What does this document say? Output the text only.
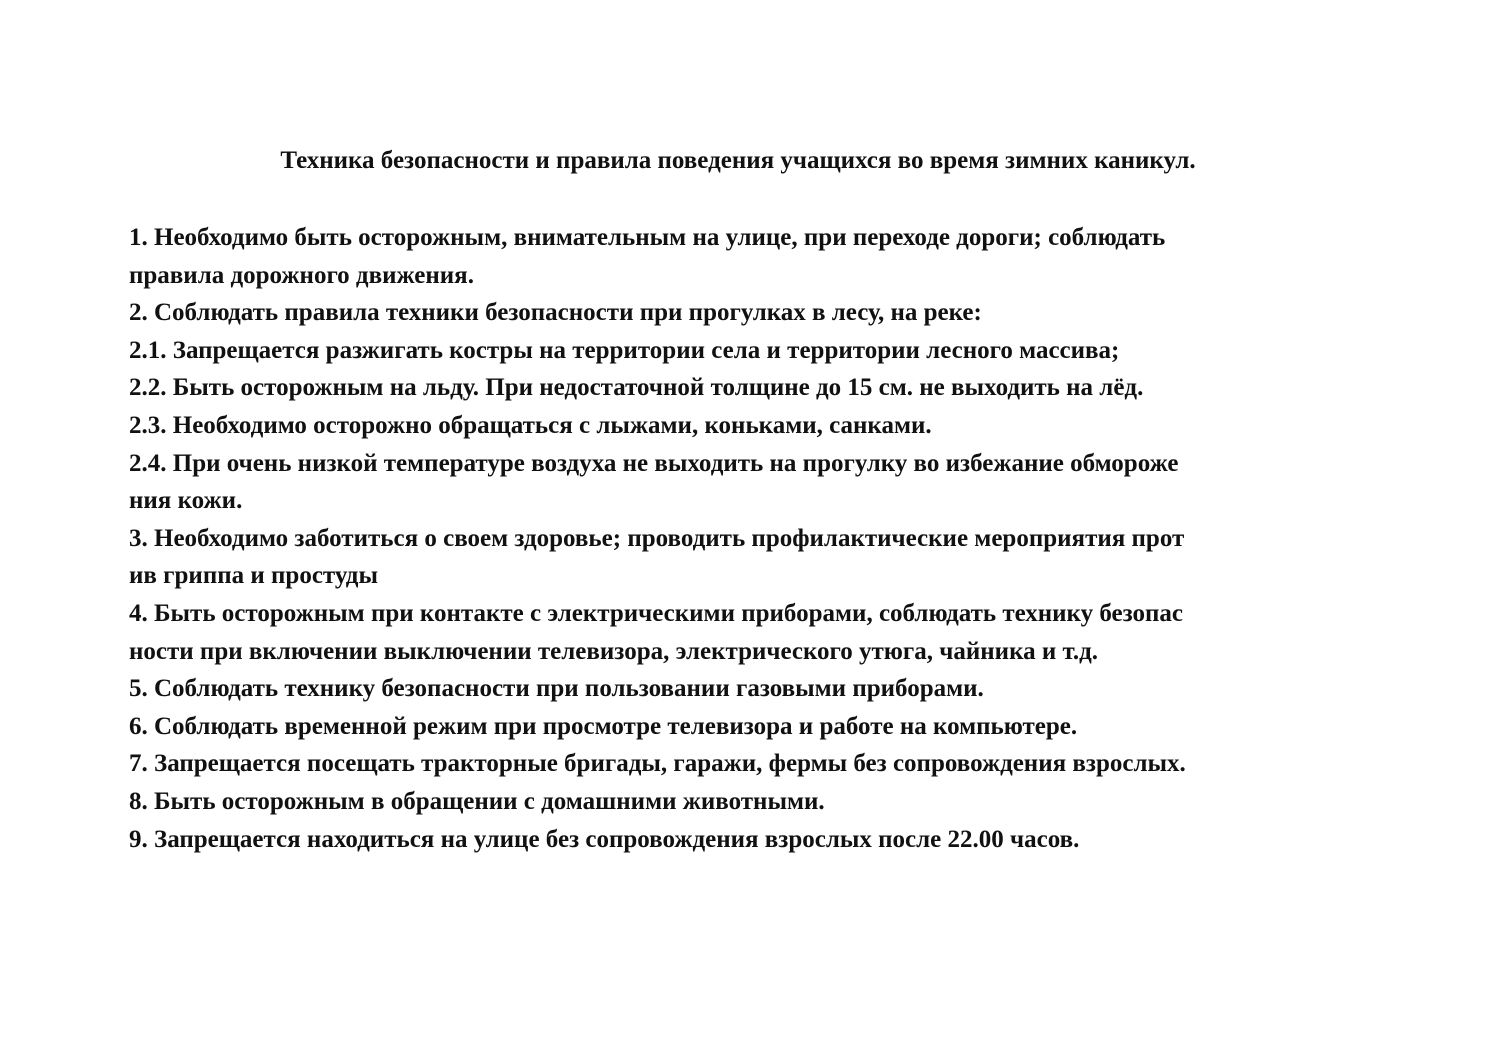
Техника безопасности и правила поведения учащихся во время зимних каникул.
1. Необходимо быть осторожным, внимательным на улице, при переходе дороги; соблюдать
правила дорожного движения.
2. Соблюдать правила техники безопасности при прогулках в лесу, на реке:
2.1. Запрещается разжигать костры на территории села и территории лесного массива;
2.2. Быть осторожным на льду. При недостаточной толщине до 15 см. не выходить на лёд.
2.3. Необходимо осторожно обращаться с лыжами, коньками, санками.
2.4. При очень низкой температуре воздуха не выходить на прогулку во избежание обмороже
ния кожи.
3. Необходимо заботиться о своем здоровье; проводить профилактические мероприятия прот
ив гриппа и простуды
4. Быть осторожным при контакте с электрическими приборами, соблюдать технику безопас
ности при включении выключении телевизора, электрического утюга, чайника и т.д.
5. Соблюдать технику безопасности при пользовании газовыми приборами.
6. Соблюдать временной режим при просмотре телевизора и работе на компьютере.
7. Запрещается посещать тракторные бригады, гаражи, фермы без сопровождения взрослых.
8. Быть осторожным в обращении с домашними животными.
9. Запрещается находиться на улице без сопровождения взрослых после 22.00 часов.
